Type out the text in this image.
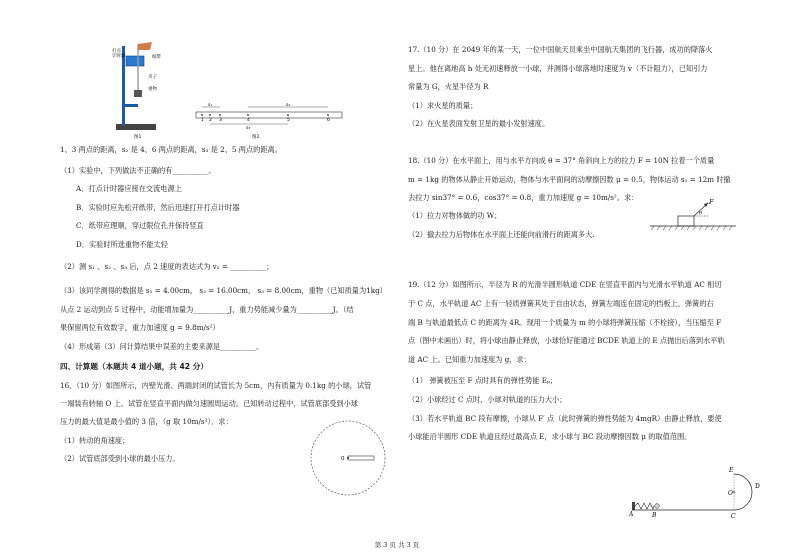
打点
计时器	纸带
夹子
重物
图1
s₁	s₂
s₃
1 2 3	4	5	6
图2
1、3 两点的距离，s₂ 是 4、6 两点的距离，s₃ 是 2、5 两点的距离。
（1）实验中，下列做法不正确的有__________。
A．打点计时器应接在交流电源上
B．实验时应先松开纸带，然后迅速打开打点计时器
C．纸带应理顺，穿过限位孔并保持竖直
D．实验时所选重物不能太轻
（2）测 s₁ 、s₂ 、s₃ 后，点 2 速度的表达式为 v₂ = __________；
（3）该同学测得的数据是 s₁ = 4.00cm， s₂ = 16.00cm， s₃ = 8.00cm，重物（已知质量为1kg）
从点 2 运动到点 5 过程中，动能增加量为__________J，重力势能减少量为__________J。（结
果保留两位有效数字，重力加速度 g = 9.8m/s²）
（4）形成第（3）问计算结果中误差的主要来源是__________。
四、计算题（本题共 4 道小题，共 42 分）
16、（10 分）如图所示，内壁光滑、两端封闭的试管长为 5cm，内有质量为 0.1kg 的小球，试管
一端装有转轴 O 上。试管在竖直平面内做匀速圆周运动。已知转动过程中，试管底部受到小球
压力的最大值是最小值的 3 倍，（g 取 10m/s²）．求：
（1）转动的角速度；
（2）试管底部受到小球的最小压力。	0
17.（10 分）在 2049 年的某一天，一位中国航天员乘坐中国航天集团的飞行器，成功的降落火
星上。他在离地高 h 处无初速释放一小球，并测得小球落地时速度为 v（不计阻力），已知引力
常量为 G，火星半径为 R
（1）求火星的质量；
（2）在火星表面发射卫星的最小发射速度。
18.（10 分）在水平面上，用与水平方向成 θ = 37° 角斜向上方的拉力 F = 10N 拉着一个质量
m = 1kg 的物体从静止开始运动，物体与水平面间的动摩擦因数 μ = 0.5，物体运动 s₁ = 12m 时撤
去拉力 sin37° = 0.6，cos37° = 0.8，重力加速度 g = 10m/s²。求：
（1）拉力对物体做的功 W；
（2）撤去拉力后物体在水平面上还能向前滑行的距离多大.
F
θ
19.（12 分）如图所示，半径为 R 的光滑半圆形轨道 CDE 在竖直平面内与光滑水平轨道 AC 相切
于 C 点，水平轨道 AC 上有一轻质弹簧其处于自由状态，弹簧左端连在固定的挡板上，弹簧的右
端 B 与轨道最低点 C 的距离为 4R。现用一个质量为 m 的小球将弹簧压缩（不栓接），当压缩至 F
点（图中未画出）时，将小球由静止释放，小球恰好能通过 BCDE 轨道上的 E 点抛出后落到水平轨
道 AC 上。已知重力加速度为 g，求：
（1） 弹簧被压至 F 点时具有的弹性势能 Eₚ；
（2）小球经过 C 点时，小球对轨道的压力大小；
（3）若水平轨道 BC 段有摩擦，小球从 F′ 点（此时弹簧的弹性势能为 4mgR）由静止释放，要使
小球能沿半圆形 CDE 轨道且经过最高点 E，求小球与 BC 段动摩擦因数 μ 的取值范围。
A	B	C
D
E
O
第 3 页 共 3 页
